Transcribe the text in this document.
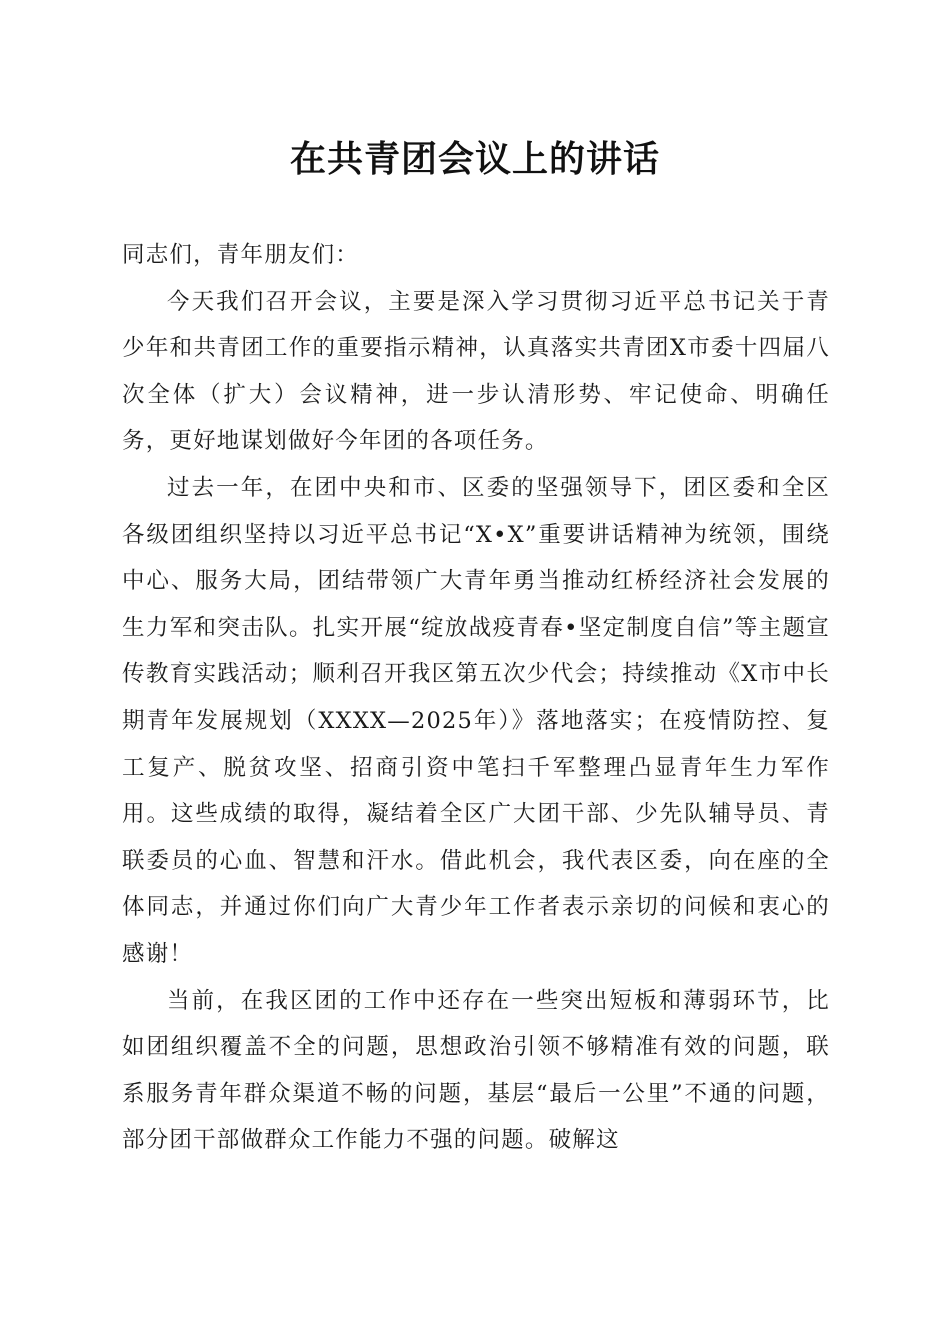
在共青团会议上的讲话

同志们，青年朋友们：

今天我们召开会议，主要是深入学习贯彻习近平总书记关于青少年和共青团工作的重要指示精神，认真落实共青团X市委十四届八次全体（扩大）会议精神，进一步认清形势、牢记使命、明确任务，更好地谋划做好今年团的各项任务。

过去一年，在团中央和市、区委的坚强领导下，团区委和全区各级团组织坚持以习近平总书记“X•X”重要讲话精神为统领，围绕中心、服务大局，团结带领广大青年勇当推动红桥经济社会发展的生力军和突击队。扎实开展“绽放战疫青春•坚定制度自信”等主题宣传教育实践活动；顺利召开我区第五次少代会；持续推动《X市中长期青年发展规划（XXXX—2025年）》落地落实；在疫情防控、复工复产、脱贫攻坚、招商引资中笔扫千军整理凸显青年生力军作用。这些成绩的取得，凝结着全区广大团干部、少先队辅导员、青联委员的心血、智慧和汗水。借此机会，我代表区委，向在座的全体同志，并通过你们向广大青少年工作者表示亲切的问候和衷心的感谢！

当前，在我区团的工作中还存在一些突出短板和薄弱环节，比如团组织覆盖不全的问题，思想政治引领不够精准有效的问题，联系服务青年群众渠道不畅的问题，基层“最后一公里”不通的问题，部分团干部做群众工作能力不强的问题。破解这
